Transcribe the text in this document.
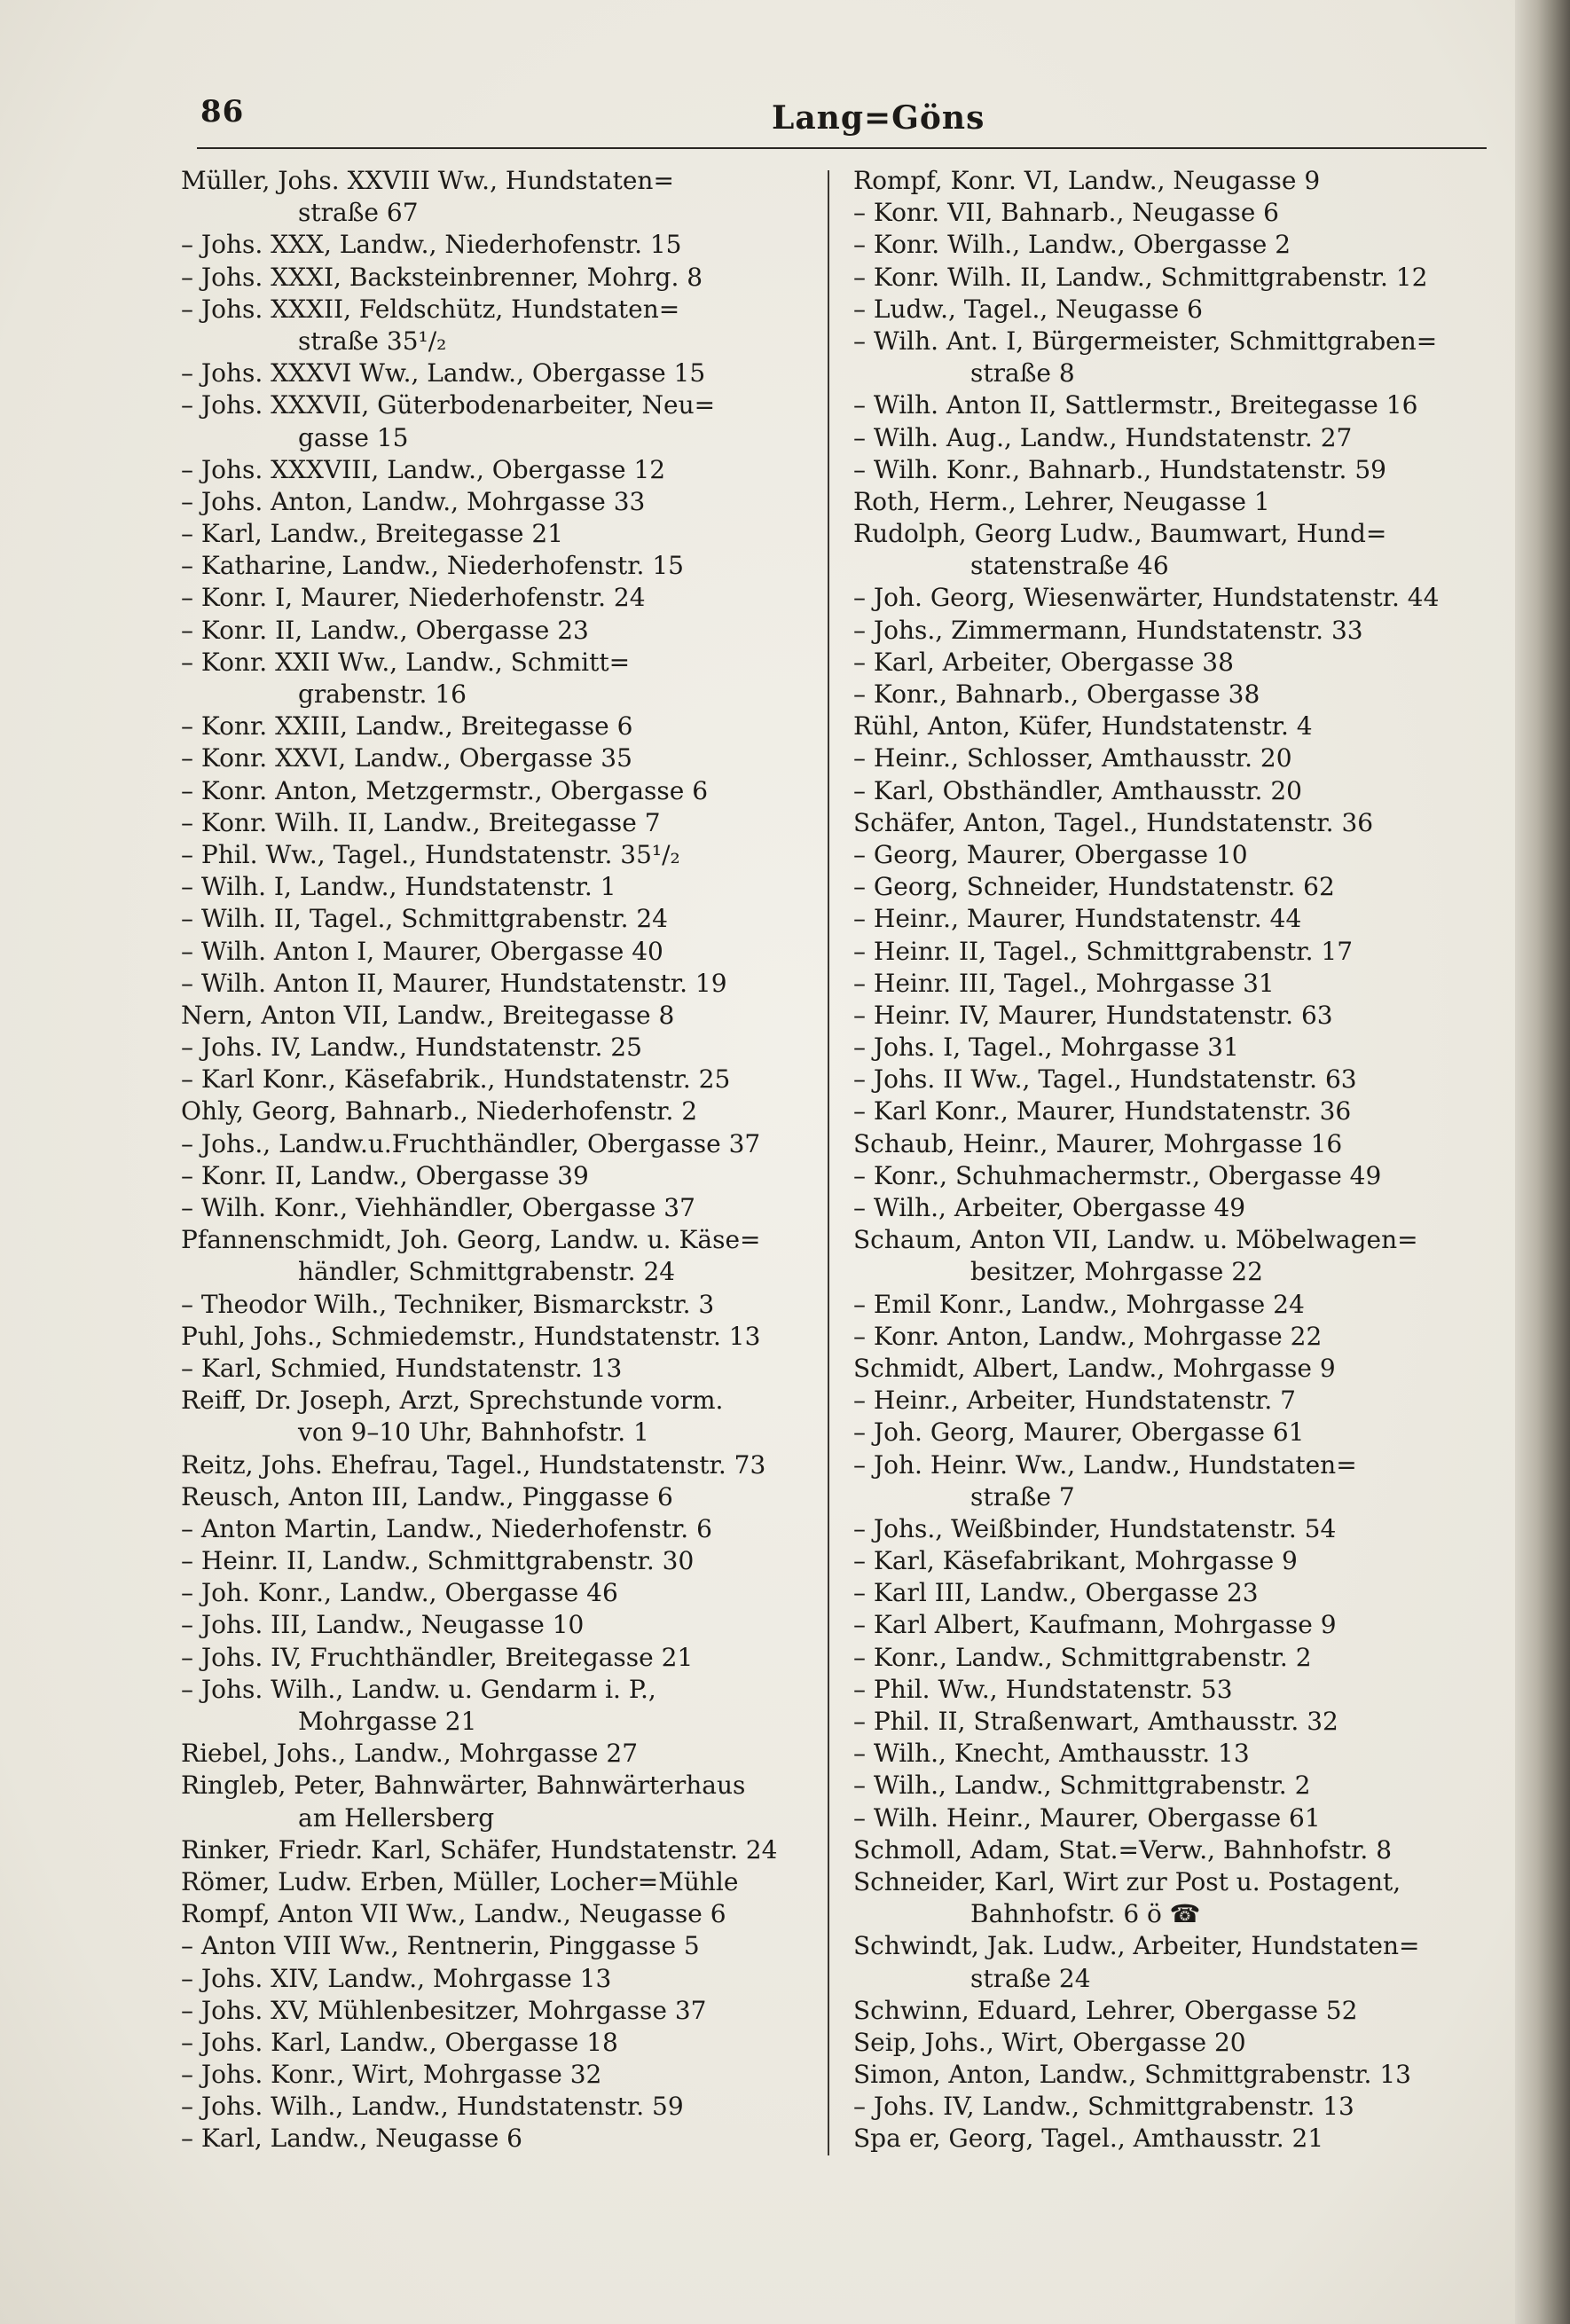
86	Lang=Göns
Müller, Johs. XXVIII Ww., Hundstaten=
straße 67
– Johs. XXX, Landw., Niederhofenstr. 15
– Johs. XXXI, Backsteinbrenner, Mohrg. 8
– Johs. XXXII, Feldschütz, Hundstaten=
straße 35¹/₂
– Johs. XXXVI Ww., Landw., Obergasse 15
– Johs. XXXVII, Güterbodenarbeiter, Neu=
gasse 15
– Johs. XXXVIII, Landw., Obergasse 12
– Johs. Anton, Landw., Mohrgasse 33
– Karl, Landw., Breitegasse 21
– Katharine, Landw., Niederhofenstr. 15
– Konr. I, Maurer, Niederhofenstr. 24
– Konr. II, Landw., Obergasse 23
– Konr. XXII Ww., Landw., Schmitt=
grabenstr. 16
– Konr. XXIII, Landw., Breitegasse 6
– Konr. XXVI, Landw., Obergasse 35
– Konr. Anton, Metzgermstr., Obergasse 6
– Konr. Wilh. II, Landw., Breitegasse 7
– Phil. Ww., Tagel., Hundstatenstr. 35¹/₂
– Wilh. I, Landw., Hundstatenstr. 1
– Wilh. II, Tagel., Schmittgrabenstr. 24
– Wilh. Anton I, Maurer, Obergasse 40
– Wilh. Anton II, Maurer, Hundstatenstr. 19
Nern, Anton VII, Landw., Breitegasse 8
– Johs. IV, Landw., Hundstatenstr. 25
– Karl Konr., Käsefabrik., Hundstatenstr. 25
Ohly, Georg, Bahnarb., Niederhofenstr. 2
– Johs., Landw.u.Fruchthändler, Obergasse 37
– Konr. II, Landw., Obergasse 39
– Wilh. Konr., Viehhändler, Obergasse 37
Pfannenschmidt, Joh. Georg, Landw. u. Käse=
händler, Schmittgrabenstr. 24
– Theodor Wilh., Techniker, Bismarckstr. 3
Puhl, Johs., Schmiedemstr., Hundstatenstr. 13
– Karl, Schmied, Hundstatenstr. 13
Reiff, Dr. Joseph, Arzt, Sprechstunde vorm.
von 9–10 Uhr, Bahnhofstr. 1
Reitz, Johs. Ehefrau, Tagel., Hundstatenstr. 73
Reusch, Anton III, Landw., Pinggasse 6
– Anton Martin, Landw., Niederhofenstr. 6
– Heinr. II, Landw., Schmittgrabenstr. 30
– Joh. Konr., Landw., Obergasse 46
– Johs. III, Landw., Neugasse 10
– Johs. IV, Fruchthändler, Breitegasse 21
– Johs. Wilh., Landw. u. Gendarm i. P.,
Mohrgasse 21
Riebel, Johs., Landw., Mohrgasse 27
Ringleb, Peter, Bahnwärter, Bahnwärterhaus
am Hellersberg
Rinker, Friedr. Karl, Schäfer, Hundstatenstr. 24
Römer, Ludw. Erben, Müller, Locher=Mühle
Rompf, Anton VII Ww., Landw., Neugasse 6
– Anton VIII Ww., Rentnerin, Pinggasse 5
– Johs. XIV, Landw., Mohrgasse 13
– Johs. XV, Mühlenbesitzer, Mohrgasse 37
– Johs. Karl, Landw., Obergasse 18
– Johs. Konr., Wirt, Mohrgasse 32
– Johs. Wilh., Landw., Hundstatenstr. 59
– Karl, Landw., Neugasse 6
Rompf, Konr. VI, Landw., Neugasse 9
– Konr. VII, Bahnarb., Neugasse 6
– Konr. Wilh., Landw., Obergasse 2
– Konr. Wilh. II, Landw., Schmittgrabenstr. 12
– Ludw., Tagel., Neugasse 6
– Wilh. Ant. I, Bürgermeister, Schmittgraben=
straße 8
– Wilh. Anton II, Sattlermstr., Breitegasse 16
– Wilh. Aug., Landw., Hundstatenstr. 27
– Wilh. Konr., Bahnarb., Hundstatenstr. 59
Roth, Herm., Lehrer, Neugasse 1
Rudolph, Georg Ludw., Baumwart, Hund=
statenstraße 46
– Joh. Georg, Wiesenwärter, Hundstatenstr. 44
– Johs., Zimmermann, Hundstatenstr. 33
– Karl, Arbeiter, Obergasse 38
– Konr., Bahnarb., Obergasse 38
Rühl, Anton, Küfer, Hundstatenstr. 4
– Heinr., Schlosser, Amthausstr. 20
– Karl, Obsthändler, Amthausstr. 20
Schäfer, Anton, Tagel., Hundstatenstr. 36
– Georg, Maurer, Obergasse 10
– Georg, Schneider, Hundstatenstr. 62
– Heinr., Maurer, Hundstatenstr. 44
– Heinr. II, Tagel., Schmittgrabenstr. 17
– Heinr. III, Tagel., Mohrgasse 31
– Heinr. IV, Maurer, Hundstatenstr. 63
– Johs. I, Tagel., Mohrgasse 31
– Johs. II Ww., Tagel., Hundstatenstr. 63
– Karl Konr., Maurer, Hundstatenstr. 36
Schaub, Heinr., Maurer, Mohrgasse 16
– Konr., Schuhmachermstr., Obergasse 49
– Wilh., Arbeiter, Obergasse 49
Schaum, Anton VII, Landw. u. Möbelwagen=
besitzer, Mohrgasse 22
– Emil Konr., Landw., Mohrgasse 24
– Konr. Anton, Landw., Mohrgasse 22
Schmidt, Albert, Landw., Mohrgasse 9
– Heinr., Arbeiter, Hundstatenstr. 7
– Joh. Georg, Maurer, Obergasse 61
– Joh. Heinr. Ww., Landw., Hundstaten=
straße 7
– Johs., Weißbinder, Hundstatenstr. 54
– Karl, Käsefabrikant, Mohrgasse 9
– Karl III, Landw., Obergasse 23
– Karl Albert, Kaufmann, Mohrgasse 9
– Konr., Landw., Schmittgrabenstr. 2
– Phil. Ww., Hundstatenstr. 53
– Phil. II, Straßenwart, Amthausstr. 32
– Wilh., Knecht, Amthausstr. 13
– Wilh., Landw., Schmittgrabenstr. 2
– Wilh. Heinr., Maurer, Obergasse 61
Schmoll, Adam, Stat.=Verw., Bahnhofstr. 8
Schneider, Karl, Wirt zur Post u. Postagent,
Bahnhofstr. 6 ö ☎
Schwindt, Jak. Ludw., Arbeiter, Hundstaten=
straße 24
Schwinn, Eduard, Lehrer, Obergasse 52
Seip, Johs., Wirt, Obergasse 20
Simon, Anton, Landw., Schmittgrabenstr. 13
– Johs. IV, Landw., Schmittgrabenstr. 13
Spa er, Georg, Tagel., Amthausstr. 21
